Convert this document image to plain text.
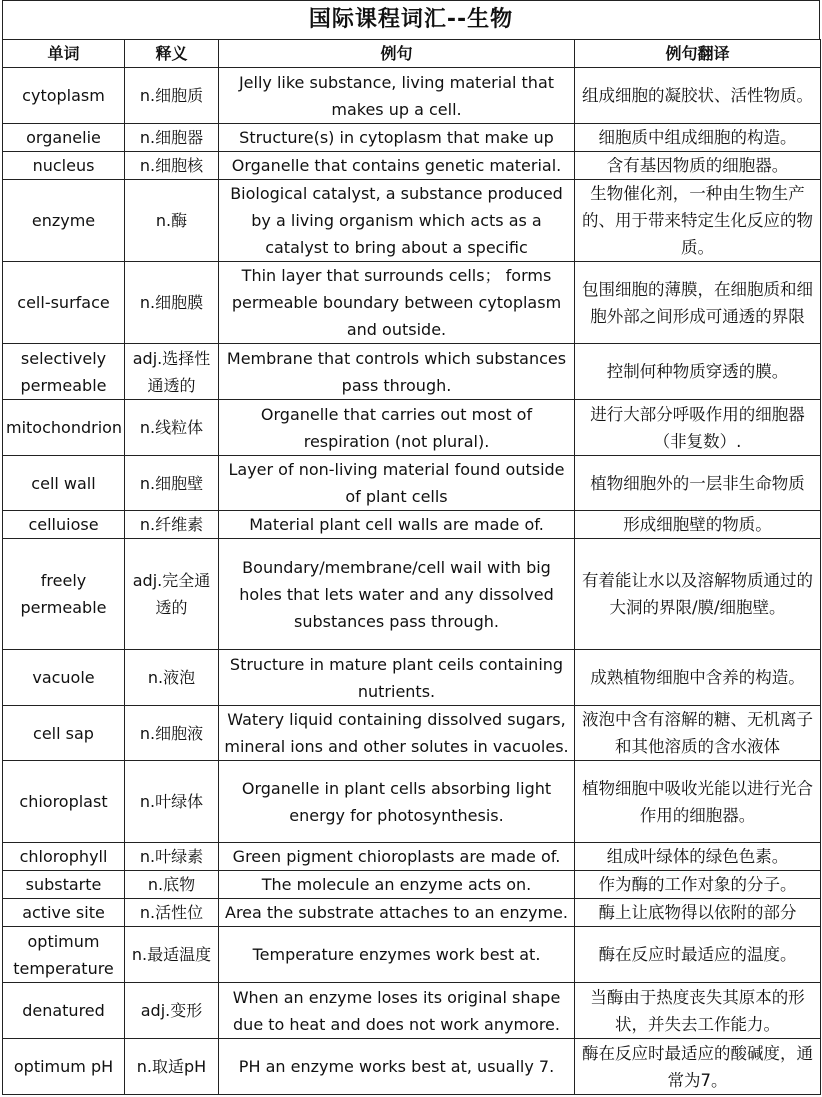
国际课程词汇--生物
单词	释义	例句	例句翻译
cytoplasm	n.细胞质	Jelly like substance, living material that makes up a cell.	组成细胞的凝胶状、活性物质。
organelie	n.细胞器	Structure(s) in cytoplasm that make up	细胞质中组成细胞的构造。
nucleus	n.细胞核	Organelle that contains genetic material.	含有基因物质的细胞器。
enzyme	n.酶	Biological catalyst, a substance produced by a living organism which acts as a catalyst to bring about a specific	生物催化剂，一种由生物生产的、用于带来特定生化反应的物质。
cell-surface	n.细胞膜	Thin layer that surrounds cells； forms permeable boundary between cytoplasm and outside.	包围细胞的薄膜，在细胞质和细胞外部之间形成可通透的界限
selectively permeable	adj.选择性通透的	Membrane that controls which substances pass through.	控制何种物质穿透的膜。
mitochondrion	n.线粒体	Organelle that carries out most of respiration (not plural).	进行大部分呼吸作用的细胞器（非复数）.
cell wall	n.细胞壁	Layer of non-living material found outside of plant cells	植物细胞外的一层非生命物质
celluiose	n.纤维素	Material plant cell walls are made of.	形成细胞壁的物质。
freely permeable	adj.完全通透的	Boundary/membrane/cell wail with big holes that lets water and any dissolved substances pass through.	有着能让水以及溶解物质通过的大洞的界限/膜/细胞壁。
vacuole	n.液泡	Structure in mature plant ceils containing nutrients.	成熟植物细胞中含养的构造。
cell sap	n.细胞液	Watery liquid containing dissolved sugars, mineral ions and other solutes in vacuoles.	液泡中含有溶解的糖、无机离子和其他溶质的含水液体
chioroplast	n.叶绿体	Organelle in plant cells absorbing light energy for photosynthesis.	植物细胞中吸收光能以进行光合作用的细胞器。
chlorophyll	n.叶绿素	Green pigment chioroplasts are made of.	组成叶绿体的绿色色素。
substarte	n.底物	The molecule an enzyme acts on.	作为酶的工作对象的分子。
active site	n.活性位	Area the substrate attaches to an enzyme.	酶上让底物得以依附的部分
optimum temperature	n.最适温度	Temperature enzymes work best at.	酶在反应时最适应的温度。
denatured	adj.变形	When an enzyme loses its original shape due to heat and does not work anymore.	当酶由于热度丧失其原本的形状，并失去工作能力。
optimum pH	n.取适pH	PH an enzyme works best at, usually 7.	酶在反应时最适应的酸碱度，通常为7。
